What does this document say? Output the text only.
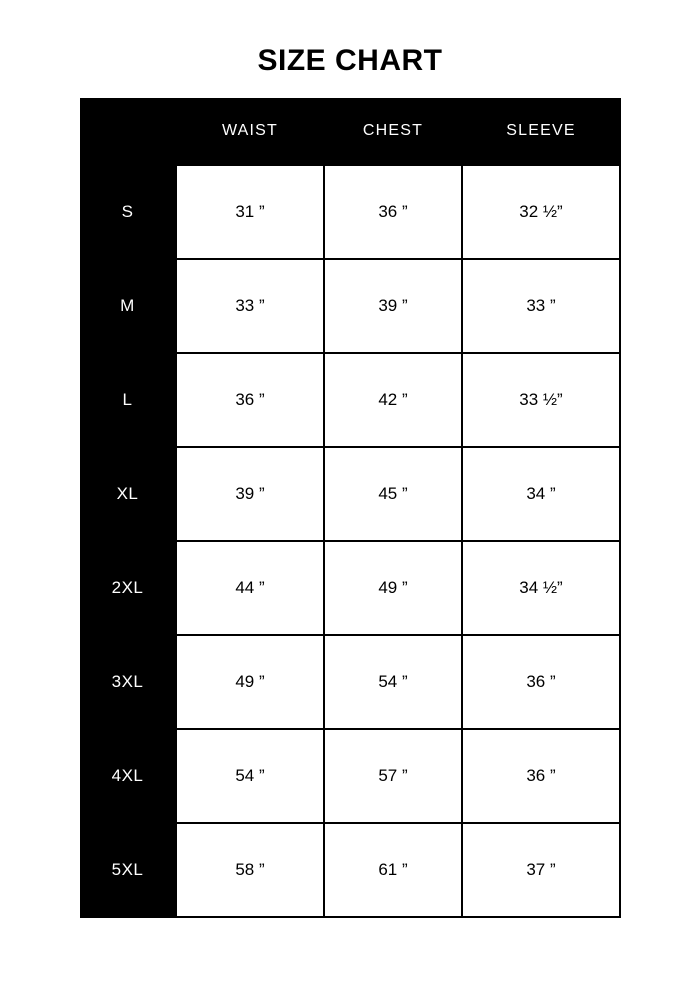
SIZE CHART
	WAIST	CHEST	SLEEVE
S	31 ”	36 ”	32 ½”
M	33 ”	39 ”	33 ”
L	36 ”	42 ”	33 ½”
XL	39 ”	45 ”	34 ”
2XL	44 ”	49 ”	34 ½”
3XL	49 ”	54 ”	36 ”
4XL	54 ”	57 ”	36 ”
5XL	58 ”	61 ”	37 ”
